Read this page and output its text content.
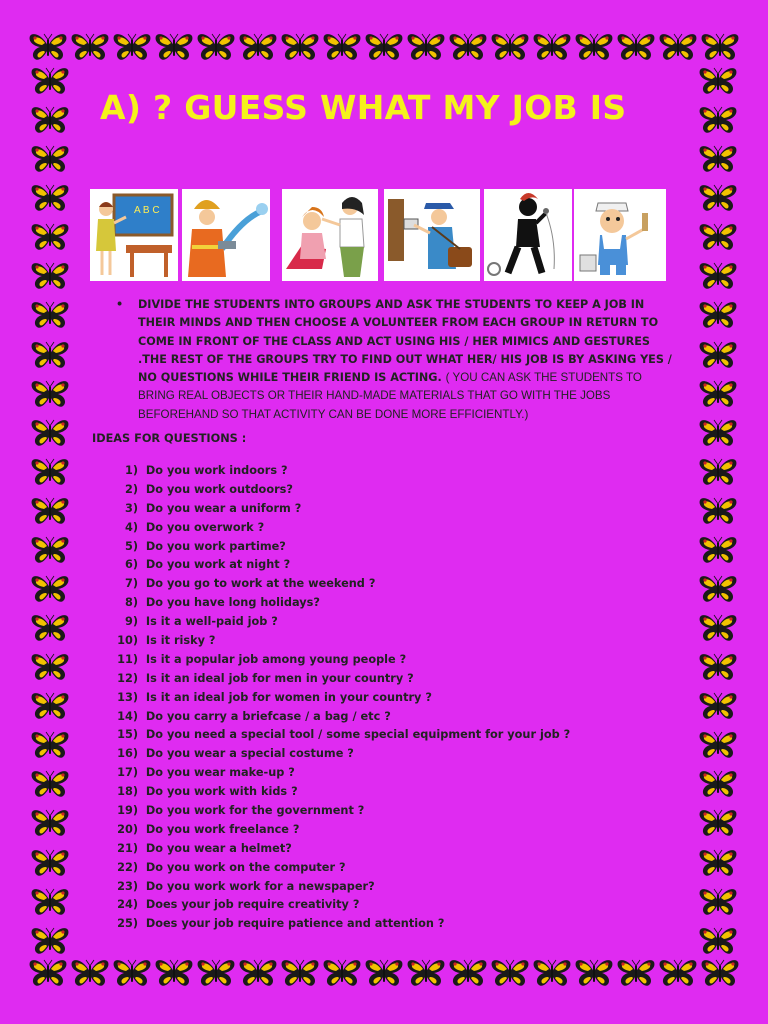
A) ? GUESS WHAT MY JOB IS
A B C
• DIVIDE THE STUDENTS INTO GROUPS AND ASK THE STUDENTS TO KEEP A JOB IN THEIR MINDS AND THEN CHOOSE A VOLUNTEER FROM EACH GROUP IN RETURN TO COME IN FRONT OF THE CLASS AND ACT USING HIS / HER MIMICS AND GESTURES .THE REST OF THE GROUPS TRY TO FIND OUT WHAT HER/ HIS JOB IS BY ASKING YES / NO QUESTIONS WHILE THEIR FRIEND IS ACTING. ( YOU CAN ASK THE STUDENTS TO BRING REAL OBJECTS OR THEIR HAND-MADE MATERIALS THAT GO WITH THE JOBS BEFOREHAND SO THAT ACTIVITY CAN BE DONE MORE EFFICIENTLY.)
IDEAS FOR QUESTIONS :
1) Do you work indoors ?
2) Do you work outdoors?
3) Do you wear a uniform ?
4) Do you overwork ?
5) Do you work partime?
6) Do you work at night ?
7) Do you go to work at the weekend ?
8) Do you have long holidays?
9) Is it a well-paid job ?
10) Is it risky ?
11) Is it a popular job among young people ?
12) Is it an ideal job for men in your country ?
13) Is it an ideal job for women in your country ?
14) Do you carry a briefcase / a bag / etc ?
15) Do you need a special tool / some special equipment for your job ?
16) Do you wear a special costume ?
17) Do you wear make-up ?
18) Do you work with kids ?
19) Do you work for the government ?
20) Do you work freelance ?
21) Do you wear a helmet?
22) Do you work on the computer ?
23) Do you work work for a newspaper?
24) Does your job require creativity ?
25) Does your job require patience and attention ?
